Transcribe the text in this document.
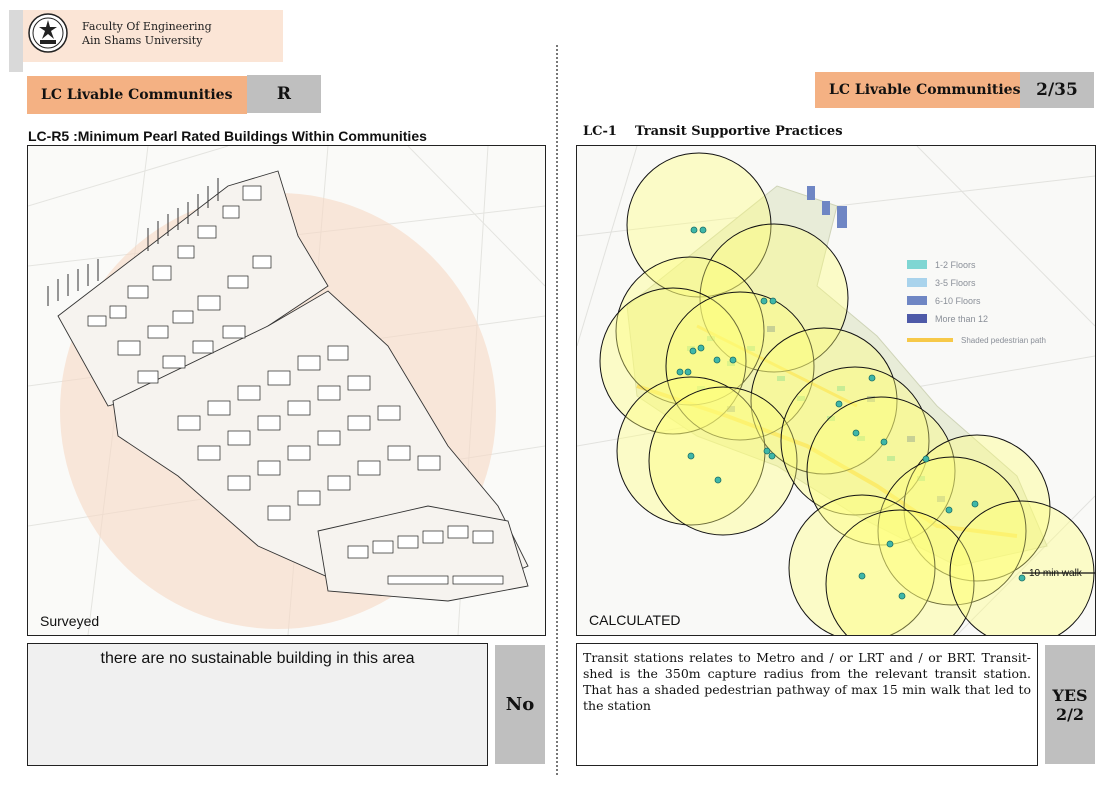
Faculty Of Engineering
Ain Shams University
LC Livable Communities	R	LC Livable Communities 2/35
LC-R5 :Minimum Pearl Rated Buildings Within Communities
Surveyed
there are no sustainable building in this area
No
LC-1    Transit Supportive Practices
1-2 Floors
3-5 Floors
6-10 Floors
More than 12
Shaded pedestrian path
10 min walk
CALCULATED
Transit stations relates to Metro and / or LRT and / or BRT. Transit-shed is the 350m capture radius from the relevant transit station. That has a shaded pedestrian pathway of max 15 min walk that led to the station
YES
2/2
